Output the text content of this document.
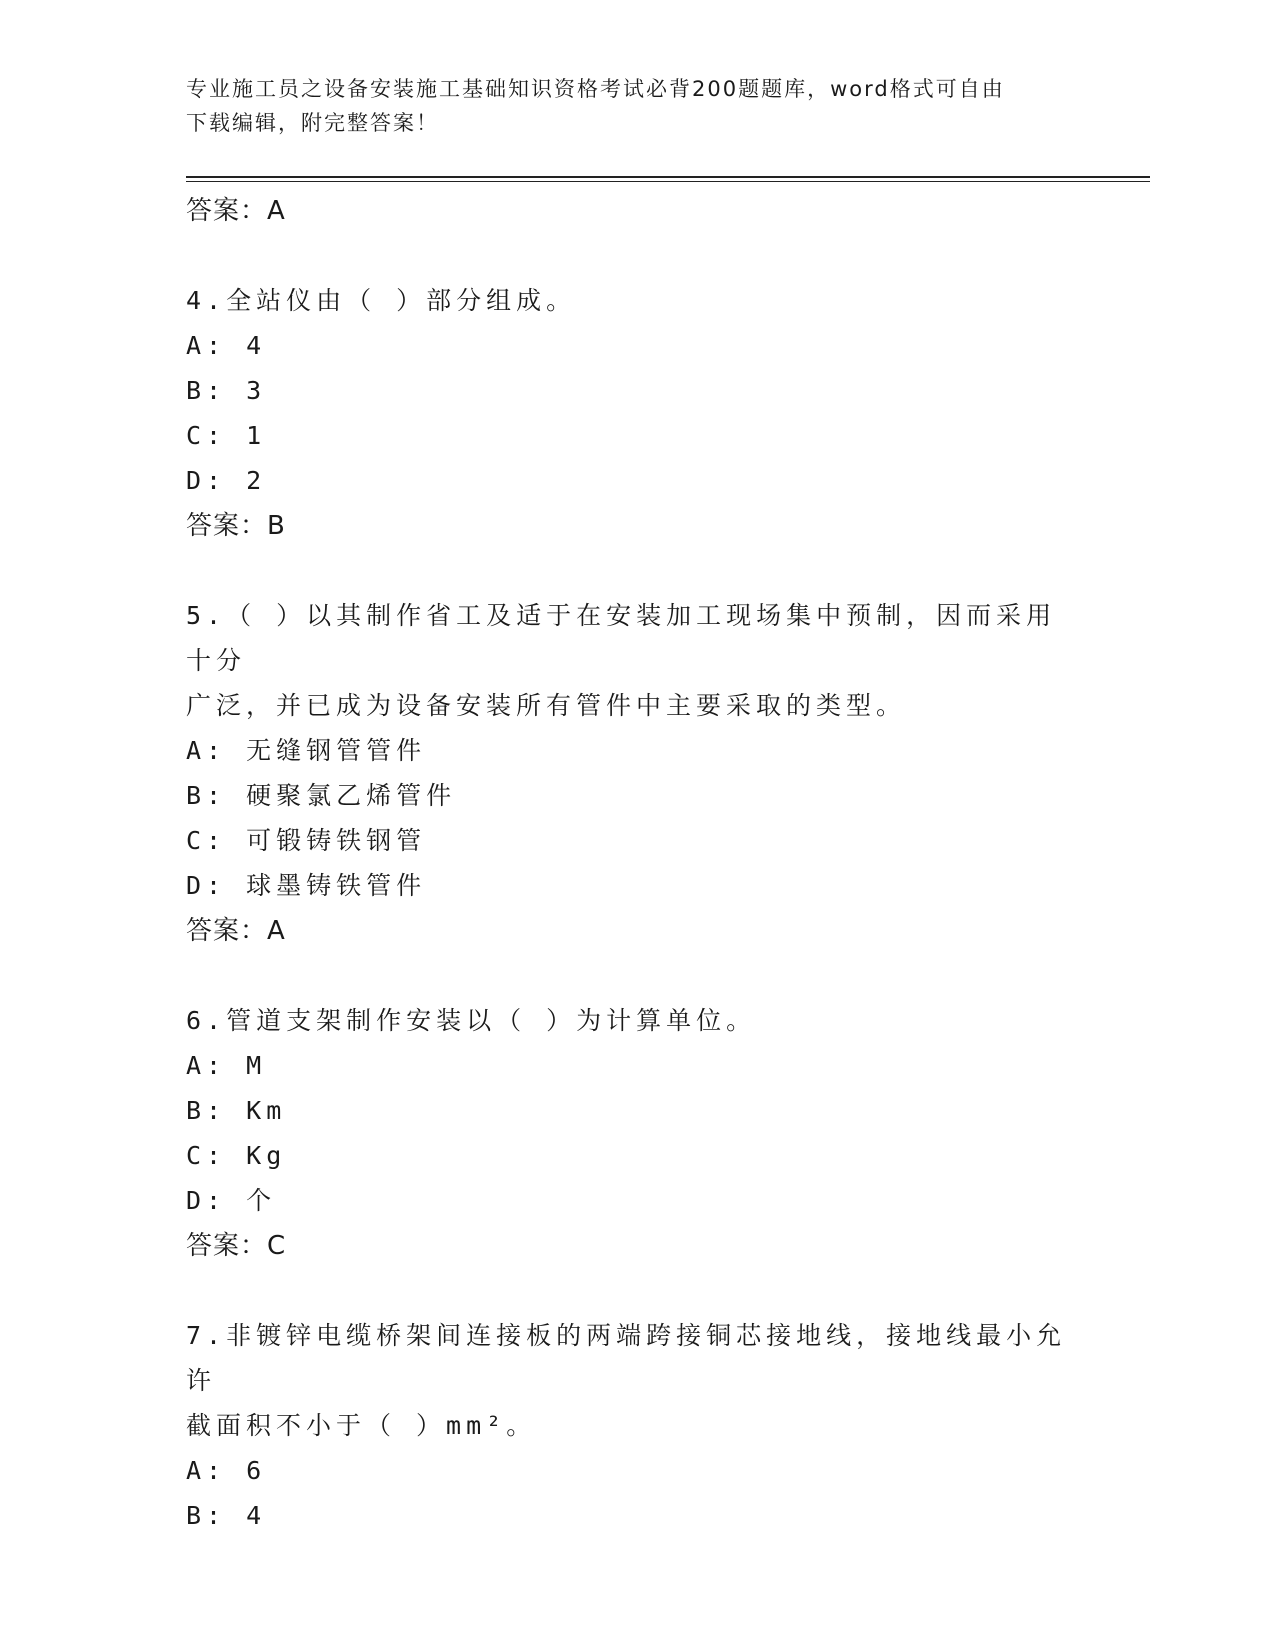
专业施工员之设备安装施工基础知识资格考试必背200题题库，word格式可自由
下载编辑，附完整答案！
答案：A
4.全站仪由（ ）部分组成。
A: 4
B: 3
C: 1
D: 2
答案：B
5.（ ）以其制作省工及适于在安装加工现场集中预制，因而采用十分
广泛，并已成为设备安装所有管件中主要采取的类型。
A: 无缝钢管管件
B: 硬聚氯乙烯管件
C: 可锻铸铁钢管
D: 球墨铸铁管件
答案：A
6.管道支架制作安装以（ ）为计算单位。
A: M
B: Km
C: Kg
D: 个
答案：C
7.非镀锌电缆桥架间连接板的两端跨接铜芯接地线，接地线最小允许
截面积不小于（ ）mm²。
A: 6
B: 4
